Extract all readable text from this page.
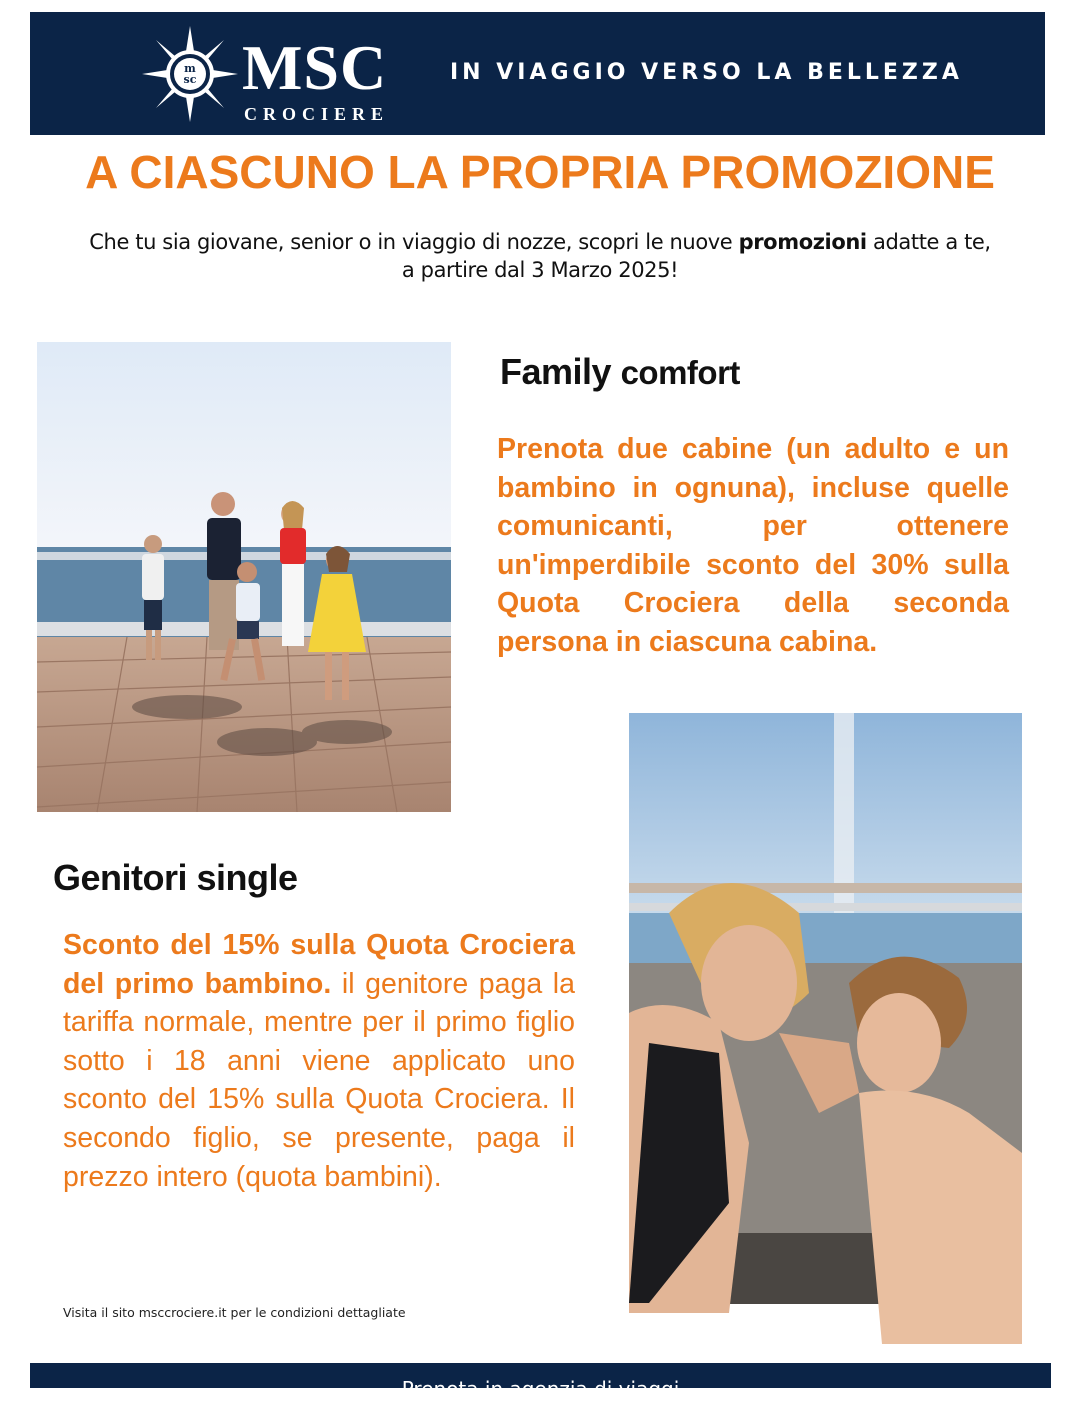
m
sc MSC
CROCIERE
IN VIAGGIO VERSO LA BELLEZZA
A CIASCUNO LA PROPRIA PROMOZIONE

Che tu sia giovane, senior o in viaggio di nozze, scopri le nuove promozioni adatte a te,
a partire dal 3 Marzo 2025!

Family comfort

Prenota due cabine (un adulto e un bambino in ognuna), incluse quelle comunicanti, per ottenere un'imperdibile sconto del 30% sulla Quota Crociera della seconda persona in ciascuna cabina.

Genitori single

Sconto del 15% sulla Quota Crociera del primo bambino. il genitore paga la tariffa normale, mentre per il primo figlio sotto i 18 anni viene applicato uno sconto del 15% sulla Quota Crociera. Il secondo figlio, se presente, paga il prezzo intero (quota bambini).

Visita il sito msccrociere.it per le condizioni dettagliate
Prenota in agenzia di viaggi
